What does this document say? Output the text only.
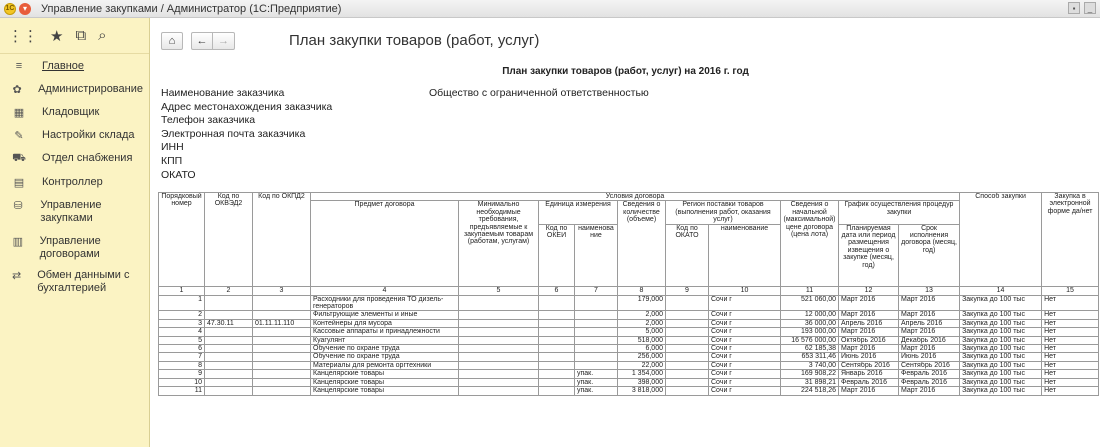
1С	▾	Управление закупками / Администратор (1С:Предприятие)	▪	_
⋮⋮ ★ ⧉ ⌕
≡	Главное
✿ Администрирование
▦ Кладовщик
✎ Настройки склада
⛟ Отдел снабжения
▤ Контроллер
⛁ Управление закупками
▥ Управление договорами
⇄ Обмен данными с бухгалтерией
⌂ ← →	План закупки товаров (работ, услуг)
План закупки товаров (работ, услуг) на 2016 г. год
Наименование заказчика
Адрес местонахождения заказчика
Телефон заказчика
Электронная почта заказчика
ИНН
КПП
ОКАТО
Общество с ограниченной ответственностью
Порядковый номер	Код по ОКВЭД2	Код по ОКПД2	Условия договора										Способ закупки	Закупка в электронной форме да/нет
			Предмет договора	Минимально необходимые требования, предъявляемые к закупаемым товарам (работам, услугам)	Единица измерения		Сведения о количестве (объеме)	Регион поставки товаров (выполнения работ, оказания услуг)		Сведения о начальной (максимальной) цене договора (цена лота)	График осуществления процедур закупки			
					Код по ОКЕИ	наименова ние		Код по ОКАТО	наименование		Планируемая дата или период размещения извещения о закупке (месяц, год)	Срок исполнения договора (месяц, год)		
1	2	3	4	5	6	7	8	9	10	11	12	13	14	15
1			Расходники для проведения ТО дизель-генераторов				179,000		Сочи г	521 060,00	Март 2016	Март 2016	Закупка до 100 тыс	Нет
2			Фильтрующие элементы и иные				2,000		Сочи г	12 000,00	Март 2016	Март 2016	Закупка до 100 тыс	Нет
3	47.30.11	01.11.11.110	Контейнеры для мусора				2,000		Сочи г	36 000,00	Апрель 2016	Апрель 2016	Закупка до 100 тыс	Нет
4			Кассовые аппараты и принадлежности				5,000		Сочи г	193 000,00	Март 2016	Март 2016	Закупка до 100 тыс	Нет
5			Куагулянт				518,000		Сочи г	16 576 000,00	Октябрь 2016	Декабрь 2016	Закупка до 100 тыс	Нет
6			Обучение по охране труда				6,000		Сочи г	62 185,38	Март 2016	Март 2016	Закупка до 100 тыс	Нет
7			Обучение по охране труда				256,000		Сочи г	653 311,46	Июнь 2016	Июнь 2016	Закупка до 100 тыс	Нет
8			Материалы для ремонта оргтехники				22,000		Сочи г	3 740,00	Сентябрь 2016	Сентябрь 2016	Закупка до 100 тыс	Нет
9			Канцелярские товары			упак.	1 354,000		Сочи г	169 908,22	Январь 2016	Февраль 2016	Закупка до 100 тыс	Нет
10			Канцелярские товары			упак.	398,000		Сочи г	31 898,21	Февраль 2016	Февраль 2016	Закупка до 100 тыс	Нет
11			Канцелярские товары			упак.	3 818,000		Сочи г	224 518,26	Март 2016	Март 2016	Закупка до 100 тыс	Нет
